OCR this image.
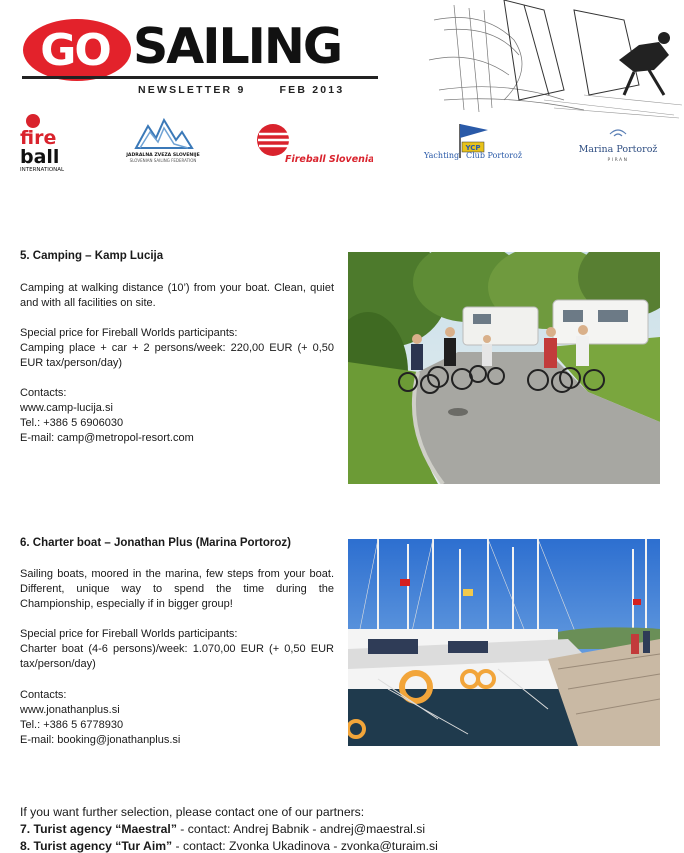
GO SAILING
NEWSLETTER 9	FEB 2013
fire
ball
INTERNATIONAL
JADRALNA ZVEZA SLOVENIJE
SLOVENIAN SAILING FEDERATION	Fireball Slovenia
YCP
Yachting Club Portorož
Marina Portorož
PIRAN
5. Camping – Kamp Lucija
Camping at walking distance (10’) from your boat. Clean, quiet and with all facilities on site.
Special price for Fireball Worlds participants:
Camping place + car + 2 persons/week: 220,00 EUR (+ 0,50 EUR tax/person/day)
Contacts:
www.camp-lucija.si
Tel.: +386 5 6906030
E-mail: camp@metropol-resort.com
6. Charter boat – Jonathan Plus (Marina Portoroz)
Sailing boats, moored in the marina, few steps from your boat. Different, unique way to spend the time during the Championship, especially if in bigger group!
Special price for Fireball Worlds participants:
Charter boat (4-6 persons)/week: 1.070,00 EUR (+ 0,50 EUR tax/person/day)
Contacts:
www.jonathanplus.si
Tel.: +386 5 6778930
E-mail: booking@jonathanplus.si
If you want further selection, please contact one of our partners:
7. Turist agency “Maestral” - contact: Andrej Babnik - andrej@maestral.si
8. Turist agency “Tur Aim” - contact: Zvonka Ukadinova - zvonka@turaim.si
